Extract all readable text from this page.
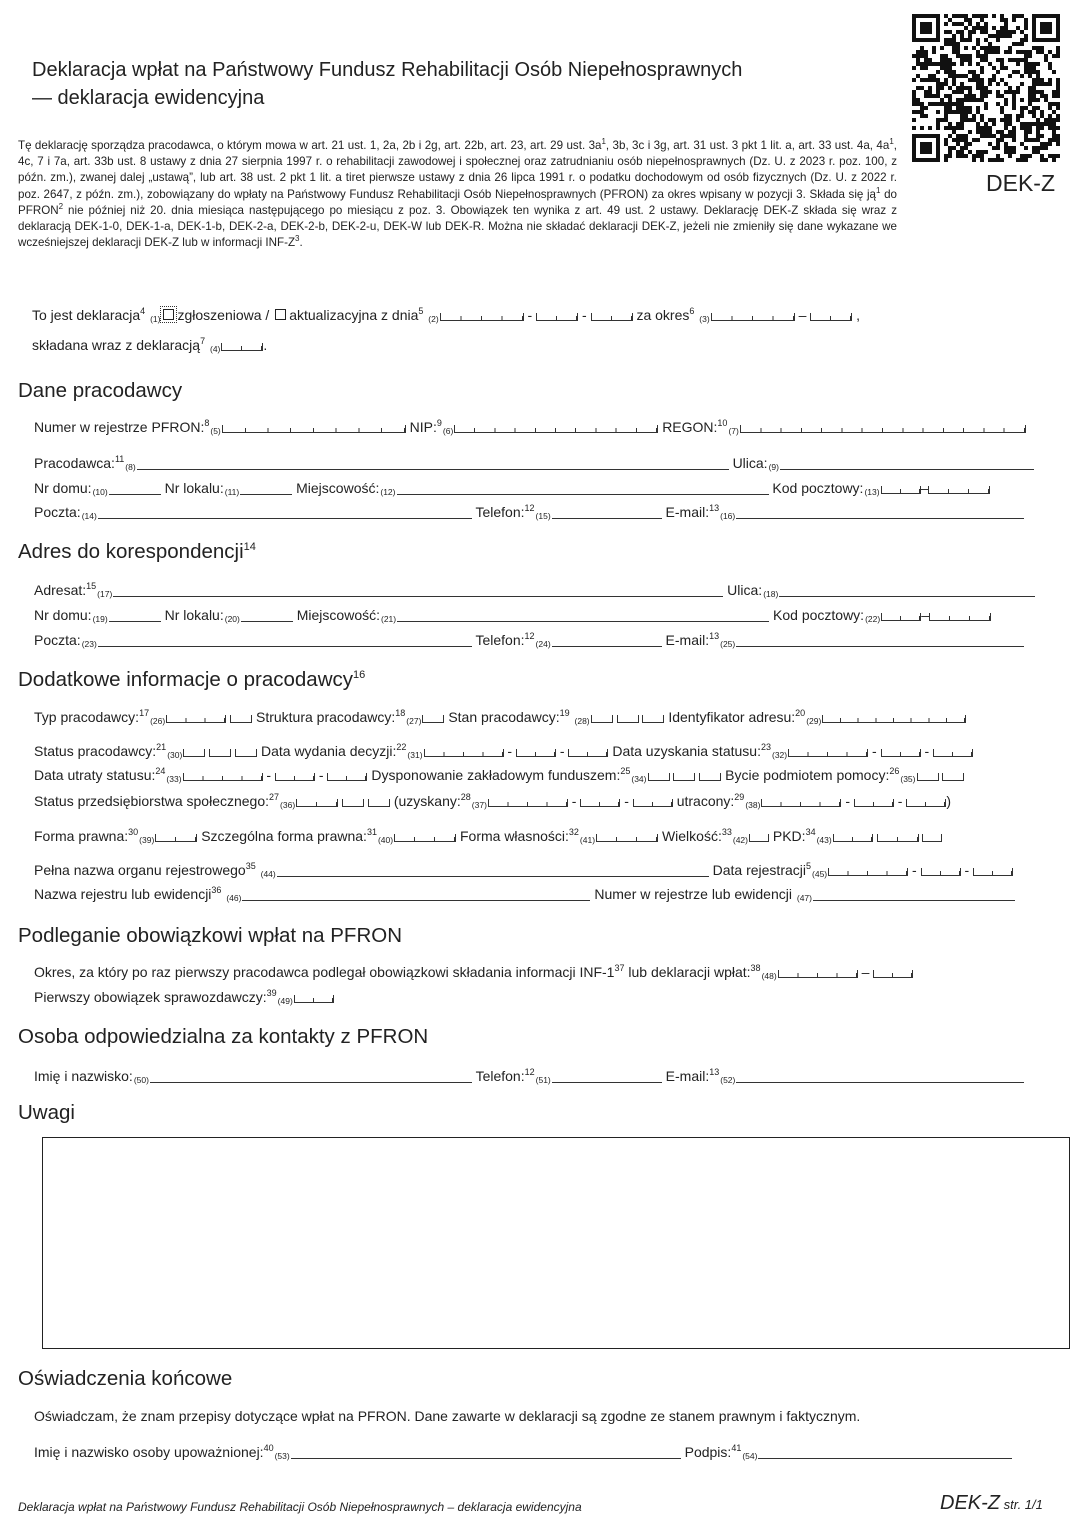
Deklaracja wpłat na Państwowy Fundusz Rehabilitacji Osób Niepełnosprawnych
— deklaracja ewidencyjna
DEK-Z
Tę deklarację sporządza pracodawca, o którym mowa w art. 21 ust. 1, 2a, 2b i 2g, art. 22b, art. 23, art. 29 ust. $3a^1$, 3b, 3c i 3g, art. 31 ust. 3 pkt 1 lit. a, art. 33 ust. 4a, $4a^1$, 4c, 7 i 7a, art. 33b ust. 8 ustawy z dnia 27 sierpnia 1997 r. o rehabilitacji zawodowej i społecznej oraz zatrudnianiu osób niepełnosprawnych (Dz. U. z 2023 r. poz. 100, z późn. zm.), zwanej dalej „ustawą”, lub art. 38 ust. 2 pkt 1 lit. a tiret pierwsze ustawy z dnia 26 lipca 1991 r. o podatku dochodowym od osób fizycznych (Dz. U. z 2022 r. poz. 2647, z późn. zm.), zobowiązany do wpłaty na Państwowy Fundusz Rehabilitacji Osób Niepełnosprawnych (PFRON) za okres wpisany w pozycji 3. Składa się $ją^1$ do PFRON$^2$ nie później niż 20. dnia miesiąca następującego po miesiącu z poz. 3. Obowiązek ten wynika z art. 49 ust. 2 ustawy. Deklarację DEK-Z składa się wraz z deklaracją DEK-1-0, DEK-1-a, DEK-1-b, DEK-2-a, DEK-2-b, DEK-2-u, DEK-W lub DEK-R. Można nie składać deklaracji DEK-Z, jeżeli nie zmieniły się dane wykazane we wcześniejszej deklaracji DEK-Z lub w informacji INF-$Z^3$.
To jest deklaracja$^4$ (1) zgłoszeniowa / aktualizacyjna z dnia$^5$ (2)	-	-	za okres$^6$ (3)	–	,
składana wraz z deklaracją$^7$ (4)	.
Dane pracodawcy
Numer w rejestrze PFRON:$^8$(5)	NIP:$^9$(6)	REGON:$^{10}$(7)
Pracodawca:$^{11}$(8)	Ulica:(9)
Nr domu:(10)	Nr lokalu:(11)	Miejscowość:(12)	Kod pocztowy:(13)	–
Poczta:(14)	Telefon:$^{12}$(15)	E-mail:$^{13}$(16)
Adres do korespondencji$^{14}$
Adresat:$^{15}$(17)	Ulica:(18)
Nr domu:(19)	Nr lokalu:(20)	Miejscowość:(21)	Kod pocztowy:(22)	–
Poczta:(23)	Telefon:$^{12}$(24)	E-mail:$^{13}$(25)
Dodatkowe informacje o pracodawcy$^{16}$
Typ pracodawcy:$^{17}$(26)	Struktura pracodawcy:$^{18}$(27) Stan pracodawcy:$^{19}$ (28)	Identyfikator adresu:$^{20}$(29)
Status pracodawcy:$^{21}$(30)	Data wydania decyzji:$^{22}$(31)	-	-	Data uzyskania statusu:$^{23}$(32)	-	-
Data utraty statusu:$^{24}$(33)	-	-	Dysponowanie zakładowym funduszem:$^{25}$(34)	Bycie podmiotem pomocy:$^{26}$(35)
Status przedsiębiorstwa społecznego:$^{27}$(36)	(uzyskany:$^{28}$(37)	-	-	utracony:$^{29}$(38)	-	-	)
Forma prawna:$^{30}$(39)	Szczególna forma prawna:$^{31}$(40)	Forma własności:$^{32}$(41)	Wielkość:$^{33}$(42) PKD:$^{34}$(43)
Pełna nazwa organu rejestrowego$^{35}$ (44)	Data rejestracji$^5$(45)	-	-
Nazwa rejestru lub ewidencji$^{36}$ (46)	Numer w rejestrze lub ewidencji (47)
Podleganie obowiązkowi wpłat na PFRON
Okres, za który po raz pierwszy pracodawca podlegał obowiązkowi składania informacji INF-$1^{37}$ lub deklaracji wpłat:$^{38}$(48)	–
Pierwszy obowiązek sprawozdawczy:$^{39}$(49)
Osoba odpowiedzialna za kontakty z PFRON
Imię i nazwisko:(50)	Telefon:$^{12}$(51)	E-mail:$^{13}$(52)
Uwagi
Oświadczenia końcowe
Oświadczam, że znam przepisy dotyczące wpłat na PFRON. Dane zawarte w deklaracji są zgodne ze stanem prawnym i faktycznym.
Imię i nazwisko osoby upoważnionej:$^{40}$(53)	Podpis:$^{41}$(54)
Deklaracja wpłat na Państwowy Fundusz Rehabilitacji Osób Niepełnosprawnych – deklaracja ewidencyjna	DEK-Z str. 1/1
